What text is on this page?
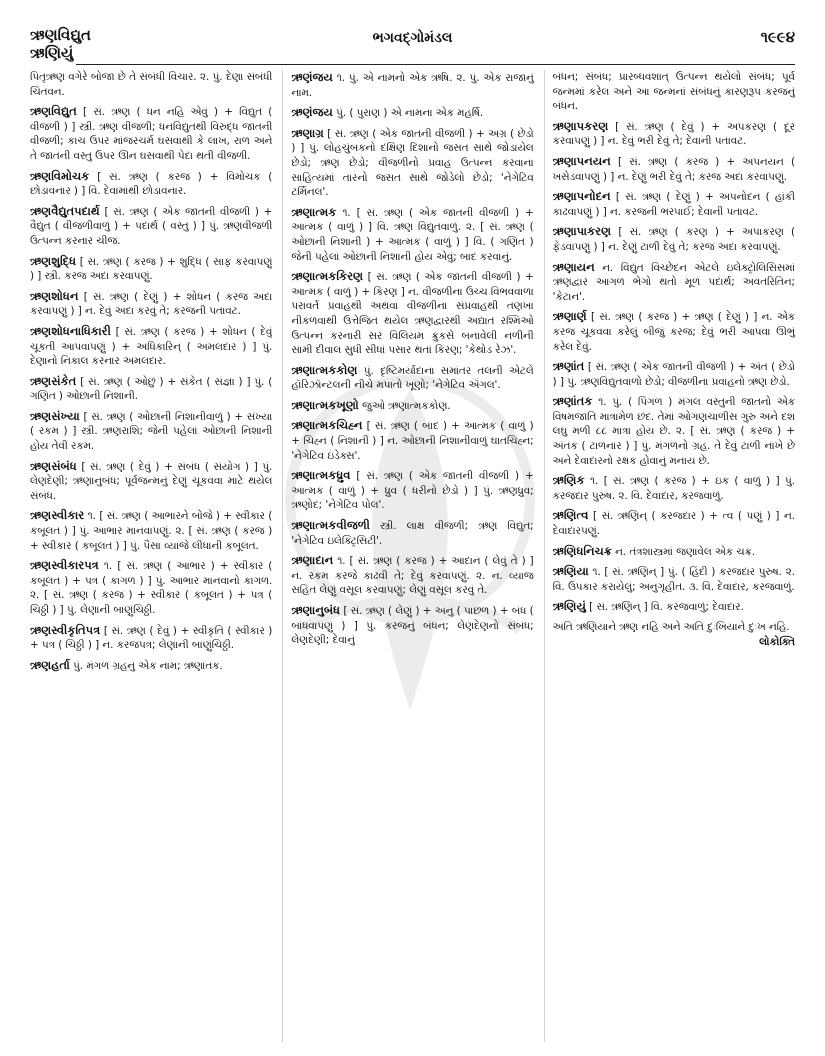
ઋણવિદ્યુત
ઋણિયું
ભગવદ્ગોમંડલ	૧૯૯૪
પિતૃઋણ વગેરે બોજા છે તે સંબંધી વિચાર. ૨. પું. દેણા સંબંધી ચિંતવન.
ઋણવિદ્યુત [ સં. ઋણ ( ધન નહિ એવું ) + વિદ્યુત ( વીજળી ) ] સ્ત્રી. ઋણ વીજળી; ધનવિદ્યુતથી વિરુદ્ધ જાતની વીજળી; કાચ ઉપર માંજરચર્મ ઘસવાથી કે લાખ, રાળ અને તે જાતની વસ્તુ ઉપર ઊન ઘસવાથી પેદા થતી વીજળી.
ઋણવિમોચક [ સં. ઋણ ( કરજ ) + વિમોચક ( છોડાવનાર ) ] વિ. દેવામાંથી છોડાવનાર.
ઋણવૈદ્યુતપદાર્થ [ સં. ઋણ ( એક જાતની વીજળી ) + વૈદ્યુત ( વીજળીવાળું ) + પદાર્થ ( વસ્તુ ) ] પું. ઋણવીજળી ઉત્પન્ન કરનાર ચીજ.
ઋણશુદ્ધિ [ સં. ઋણ ( કરજ ) + શુદ્ધિ ( સાફ કરવાપણું ) ] સ્ત્રી. કરજ અદા કરવાપણું.
ઋણશોધન [ સં. ઋણ ( દેણું ) + શોધન ( કરજ અદા કરવાપણું ) ] ન. દેવું અદા કરવું તે; કરજની પતાવટ.
ઋણશોધનાધિકારી [ સં. ઋણ ( કરજ ) + શોધન ( દેવું ચૂકતી આપવાપણું ) + અધિકારિન્ ( અમલદાર ) ] પું. દેણાનો નિકાલ કરનાર અમલદાર.
ઋણસંકેત [ સં. ઋણ ( ઓછું ) + સંકેત ( સંજ્ઞા ) ] પું. ( ગણિત ) ઓછાની નિશાની.
ઋણસંખ્યા [ સં. ઋણ ( ઓછાની નિશાનીવાળું ) + સંખ્યા ( રકમ ) ] સ્ત્રી. ઋણરાશિ; જેની પહેલાં ઓછાની નિશાની હોય તેવી રકમ.
ઋણસંબંધ [ સં. ઋણ ( દેવું ) + સંબંધ ( સંયોગ ) ] પું. લેણદેણી; ઋણાનુબંધ; પૂર્વજન્મનું દેણું ચૂકવવા માટે થયેલ સંબંધ.
ઋણસ્વીકાર ૧. [ સં. ઋણ ( આભારને બોજે ) + સ્વીકાર ( કબૂલત ) ] પું. આભાર માનવાપણું. ૨. [ સં. ઋણ ( કરજ ) + સ્વીકાર ( કબૂલત ) ] પું. પૈસા વ્યાજે લીધાની કબૂલત.
ઋણસ્વીકારપત્ર ૧. [ સં. ઋણ ( આભાર ) + સ્વીકાર ( કબૂલત ) + પત્ર ( કાગળ ) ] પું. આભાર માનવાનો કાગળ. ૨. [ સં. ઋણ ( કરજ ) + સ્વીકાર ( કબૂલત ) + પત્ર ( ચિઠ્ઠી ) ] પું. લેણાની બાણુંચિઠ્ઠી.
ઋણસ્વીકૃતિપત્ર [ સં. ઋણ ( દેવું ) + સ્વીકૃતિ ( સ્વીકાર ) + પત્ર ( ચિઠ્ઠી ) ] ન. કરજપત્ર; લેણાની બાણુંચિઠ્ઠી.
ઋણહર્તા પું. મંગળ ગ્રહનું એક નામ; ઋણાંતક.
ઋણંજય ૧. પું. એ નામનો એક ઋષિ. ૨. પું. એક રાજાનું નામ.
ઋણંજય પું. ( પુરાણ ) એ નામના એક મહર્ષિ.
ઋણાગ્ર [ સં. ઋણ ( એક જાતની વીજળી ) + અગ્ર ( છેડો ) ] પું. લોહચુંબકનો દક્ષિણ દિશાનો જસત સાથે જોડાયેલ છેડો; ઋણ છેડો; વીજળીનો પ્રવાહ ઉત્પન્ન કરવાના સાહિત્યમાં તારનો જસત સાથે જોડેલો છેડો; 'નેગેટિવ ટર્મિનલ'.
ઋણાત્મક ૧. [ સં. ઋણ ( એક જાતની વીજળી ) + આત્મક ( વાળું ) ] વિ. ઋણ વિદ્યુતવાળું. ૨. [ સં. ઋણ ( ઓછાની નિશાની ) + આત્મક ( વાળું ) ] વિ. ( ગણિત ) જેની પહેલાં ઓછાની નિશાની હોય એવું; બાદ કરવાનું.
ઋણાત્મકકિરણ [ સં. ઋણ ( એક જાતની વીજળી ) + આત્મક ( વાળું ) + કિરણ ] ન. વીજળીના ઉચ્ચ વિભવવાળા પરાવર્ત પ્રવાહથી અથવા વીજળીના સંપ્રવાહથી તણખા નીકળવાથી ઉત્તેજિત થયેલ ઋણદ્વારથી અદ્યાત રશ્મિઓ ઉત્પન્ન કરનારી સર વિલિયમ ક્રુકસે બનાવેલી નળીની સામી દીવાલ સુધી સીધાં પસાર થતાં કિરણ; 'કેથોડ રેઝ'.
ઋણાત્મકકોણ પું. દૃષ્ટિમર્યાદાના સમાંતર તલની એટલે હૉરિઝૉન્ટલની નીચે મપાતો ખૂણો; 'નેગેટિવ ઍંગલ'.
ઋણાત્મકખૂણો જુઓ ઋણાત્મકકોણ.
ઋણાત્મકચિહ્ન [ સં. ઋણ ( બાદ ) + આત્મક ( વાળું ) + ચિહ્ન ( નિશાની ) ] ન. ઓછાની નિશાનીવાળું ઘાતચિહ્ન; 'નેગેટિવ ઇંડેક્સ'.
ઋણાત્મકધ્રુવ [ સં. ઋણ ( એક જાતની વીજળી ) + આત્મક ( વાળું ) + ધ્રુવ ( ધરીનો છેડો ) ] પું. ઋણધ્રુવ; ઋણોદ; 'નેગેટિવ પોલ'.
ઋણાત્મકવીજળી સ્ત્રી. લાક્ષ વીજળી; ઋણ વિદ્યુત; 'નેગેટિવ ઇલેક્ટ્રિસિટી'.
ઋણાદાન ૧. [ સં. ઋણ ( કરજ ) + આદાન ( લેવું તે ) ] ન. રકમ કરજે કાઢવી તે; દેવું કરવાપણું. ૨. ન. વ્યાજ સહિત લેણું વસૂલ કરવાપણું; લેણું વસૂલ કરવું તે.
ઋણાનુબંધ [ સં. ઋણ ( લેણું ) + અનુ ( પાછળ ) + બંધ ( બાંધવાપણું ) ] પું. કરજનું બંધન; લેણદેણનો સંબંધ; લેણદેણી; દેવાનું
બંધન; સંબંધ; પ્રારબ્ધવશાત્ ઉત્પન્ન થયેલો સંબંધ; પૂર્વ જન્મમાં કરેલ અને આ જન્મનાં સંબંધનું કારણરૂપ કરજનું બંધન.
ઋણાપકરણ [ સં. ઋણ ( દેવું ) + અપકરણ ( દૂર કરવાપણું ) ] ન. દેવું ભરી દેવું તે; દેવાની પતાવટ.
ઋણાપનયન [ સં. ઋણ ( કરજ ) + અપનયન ( ખસેડવાપણું ) ] ન. દેણું ભરી દેવું તે; કરજ અદા કરવાપણું.
ઋણાપનોદન [ સં. ઋણ ( દેણું ) + અપનોદન ( હાંકી કાઢવાપણું ) ] ન. કરજની ભરપાઈ; દેવાની પતાવટ.
ઋણાપાકરણ [ સં. ઋણ ( કરણ ) + અપાકરણ ( ફેડવાપણું ) ] ન. દેણું ટાળી દેવું તે; કરજ અદા કરવાપણું.
ઋણાયન ન. વિદ્યુત વિચ્છેદન એટલે ઇલેક્ટ્રોલિસિસમાં ઋણદ્વાર આગળ ભેગો થતો મૂળ પદાર્થ; અવતરિતિન; 'કેટાન'.
ઋણાર્ણ [ સં. ઋણ ( કરજ ) + ઋણ ( દેણું ) ] ન. એક કરજ ચૂકવવા કરેલું બીજું કરજ; દેવું ભરી આપવા ઊભું કરેલ દેવું.
ઋણાંત [ સં. ઋણ ( એક જાતની વીજળી ) + અંત ( છેડો ) ] પું. ઋણવિદ્યુતવાળો છેડો; વીજળીના પ્રવાહનો ઋણ છેડો.
ઋણાંતક ૧. પું. ( પિંગળ ) મંગલ વસ્તુની જાતનો એક વિષમજાતિ માત્રામેળ છંદ. તેમાં ઓગણચાળીસ ગુરુ અને દશ લઘુ મળી ૮૮ માત્રા હોય છે. ૨. [ સં. ઋણ ( કરજ ) + અંતક ( ટાળનાર ) ] પું. મંગળનો ગ્રહ. તે દેવું ટાળી નાખે છે અને દેવાદારનો રક્ષક હોવાનું મનાય છે.
ઋણિક ૧. [ સં. ઋણ ( કરજ ) + ઇક ( વાળું ) ] પું. કરજદાર પુરુષ. ૨. વિ. દેવાદાર, કરજવાળું.
ઋણિત્વ [ સં. ઋણિન્ ( કરજદાર ) + ત્વ ( પણું ) ] ન. દેવાદારપણું.
ઋણિધનિચક્ર ન. તંત્રશાસ્ત્રમાં જણાવેલ એક ચક્ર.
ઋણિયા ૧. [ સં. ઋણિન્ ] પું. ( હિંદી ) કરજદાર પુરુષ. ૨. વિ. ઉપકાર કરાયેલું; અનુગૃહીત. ૩. વિ. દેવાદાર, કરજવાળું.
ઋણિયું [ સં. ઋણિન્ ] વિ. કરજવાળું; દેવાદાર.
અતિ ઋણિયાને ઋણ નહિ અને અતિ દુઃખિયાને દુઃખ નહિ.
લોકોક્તિ
